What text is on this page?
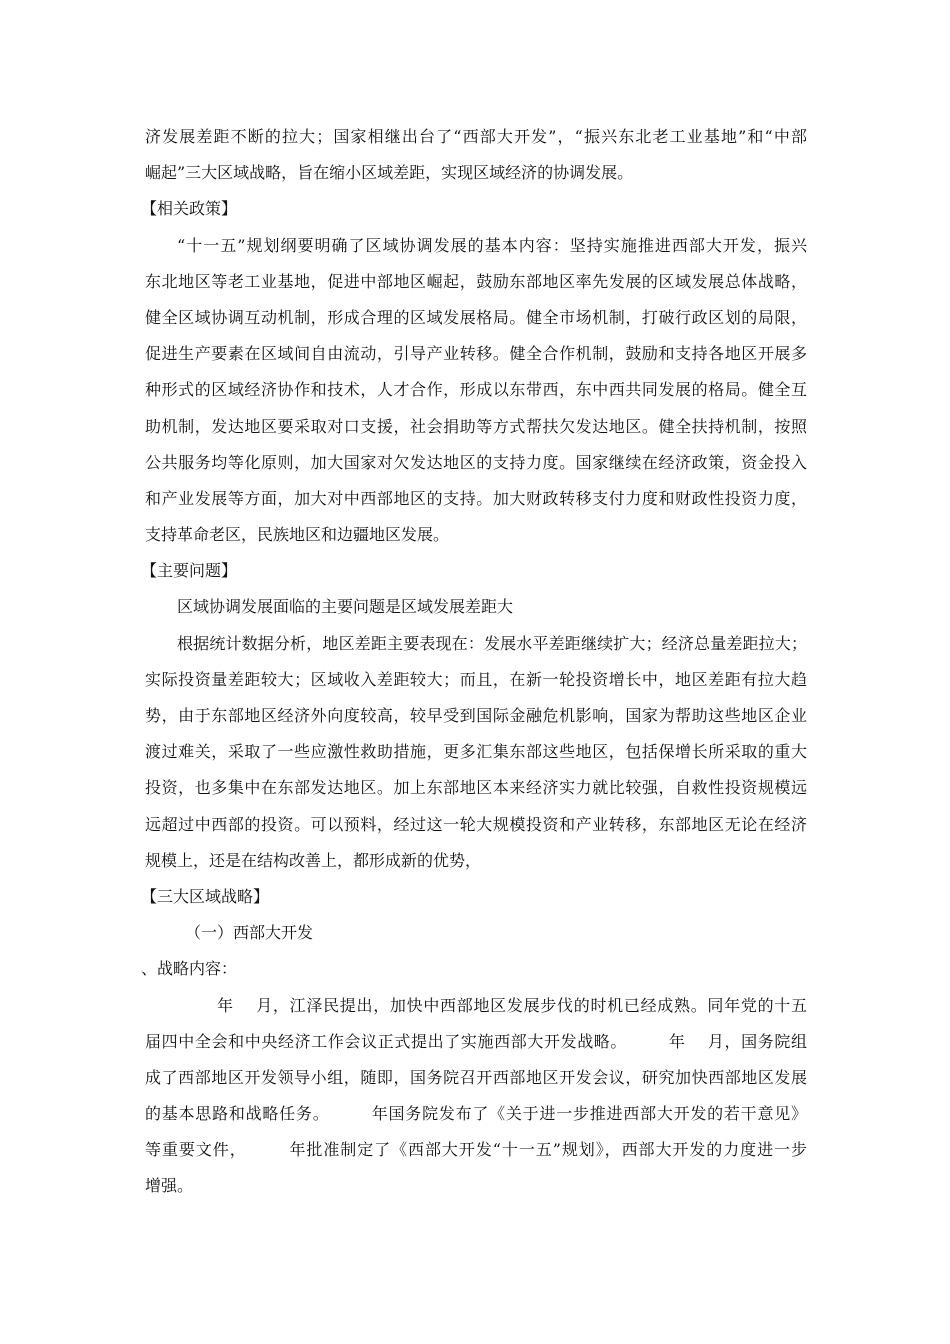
济发展差距不断的拉大；国家相继出台了“西部大开发”，“振兴东北老工业基地”和“中部
崛起”三大区域战略，旨在缩小区域差距，实现区域经济的协调发展。
【相关政策】
“十一五”规划纲要明确了区域协调发展的基本内容：坚持实施推进西部大开发，振兴
东北地区等老工业基地，促进中部地区崛起，鼓励东部地区率先发展的区域发展总体战略，
健全区域协调互动机制，形成合理的区域发展格局。健全市场机制，打破行政区划的局限，
促进生产要素在区域间自由流动，引导产业转移。健全合作机制，鼓励和支持各地区开展多
种形式的区域经济协作和技术，人才合作，形成以东带西，东中西共同发展的格局。健全互
助机制，发达地区要采取对口支援，社会捐助等方式帮扶欠发达地区。健全扶持机制，按照
公共服务均等化原则，加大国家对欠发达地区的支持力度。国家继续在经济政策，资金投入
和产业发展等方面，加大对中西部地区的支持。加大财政转移支付力度和财政性投资力度，
支持革命老区，民族地区和边疆地区发展。
【主要问题】
区域协调发展面临的主要问题是区域发展差距大
根据统计数据分析，地区差距主要表现在：发展水平差距继续扩大；经济总量差距拉大；
实际投资量差距较大；区域收入差距较大；而且，在新一轮投资增长中，地区差距有拉大趋
势，由于东部地区经济外向度较高，较早受到国际金融危机影响，国家为帮助这些地区企业
渡过难关，采取了一些应激性救助措施，更多汇集东部这些地区，包括保增长所采取的重大
投资，也多集中在东部发达地区。加上东部地区本来经济实力就比较强，自救性投资规模远
远超过中西部的投资。可以预料，经过这一轮大规模投资和产业转移，东部地区无论在经济
规模上，还是在结构改善上，都形成新的优势，
【三大区域战略】
（一）西部大开发
、战略内容：
年　 月，江泽民提出，加快中西部地区发展步伐的时机已经成熟。同年党的十五
届四中全会和中央经济工作会议正式提出了实施西部大开发战略。　　　年　 月，国务院组
成了西部地区开发领导小组，随即，国务院召开西部地区开发会议，研究加快西部地区发展
的基本思路和战略任务。　　　年国务院发布了《关于进一步推进西部大开发的若干意见》
等重要文件，　　　年批准制定了《西部大开发“十一五”规划》，西部大开发的力度进一步
增强。
